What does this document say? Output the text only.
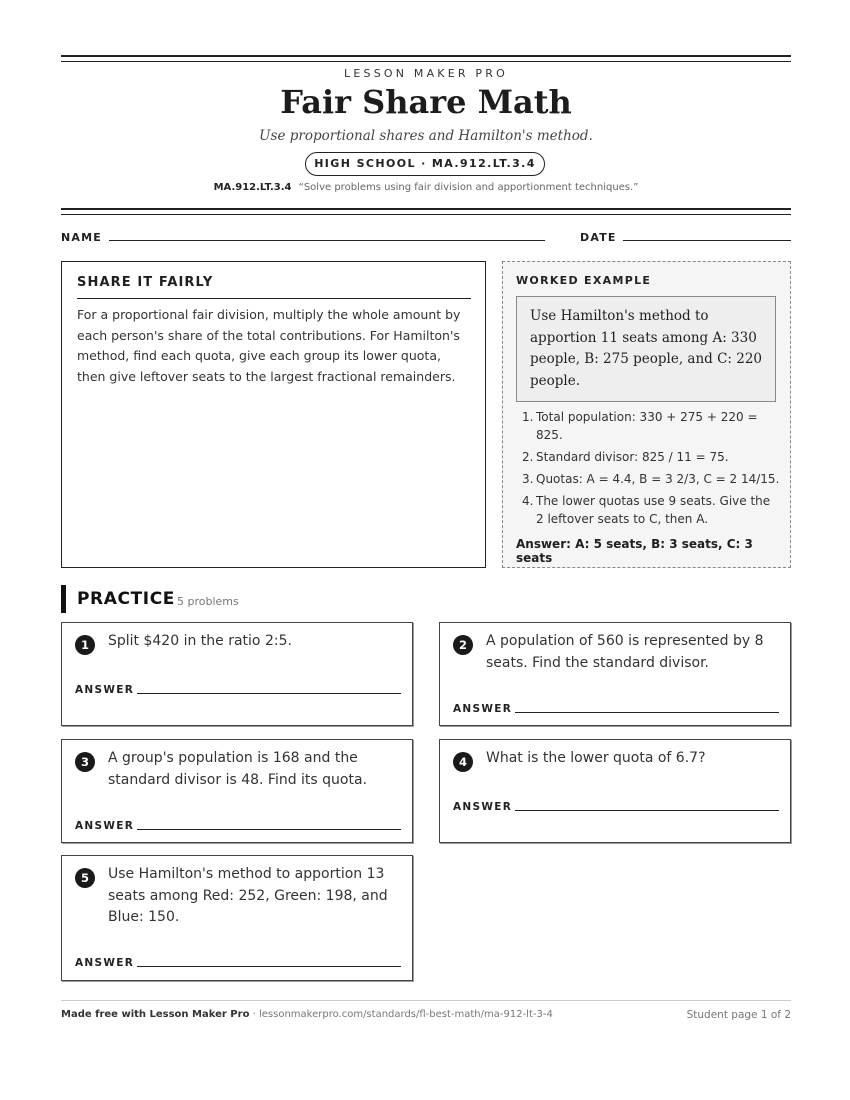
LESSON MAKER PRO
Fair Share Math
Use proportional shares and Hamilton's method.
HIGH SCHOOL · MA.912.LT.3.4
MA.912.LT.3.4 “Solve problems using fair division and apportionment techniques.”
NAME	DATE
SHARE IT FAIRLY
For a proportional fair division, multiply the whole amount by each person's share of the total contributions. For Hamilton's method, find each quota, give each group its lower quota, then give leftover seats to the largest fractional remainders.
WORKED EXAMPLE
Use Hamilton's method to apportion 11 seats among A: 330 people, B: 275 people, and C: 220 people.
1. Total population: 330 + 275 + 220 = 825.
2. Standard divisor: 825 / 11 = 75.
3. Quotas: A = 4.4, B = 3 2/3, C = 2 14/15.
4. The lower quotas use 9 seats. Give the 2 leftover seats to C, then A.
Answer: A: 5 seats, B: 3 seats, C: 3 seats
PRACTICE 5 problems
1	Split $420 in the ratio 2:5.
ANSWER
2	A population of 560 is represented by 8 seats. Find the standard divisor.
ANSWER
3	A group's population is 168 and the standard divisor is 48. Find its quota.
ANSWER
4	What is the lower quota of 6.7?
ANSWER
5	Use Hamilton's method to apportion 13 seats among Red: 252, Green: 198, and Blue: 150.
ANSWER
Made free with Lesson Maker Pro · lessonmakerpro.com/standards/fl-best-math/ma-912-lt-3-4	Student page 1 of 2
